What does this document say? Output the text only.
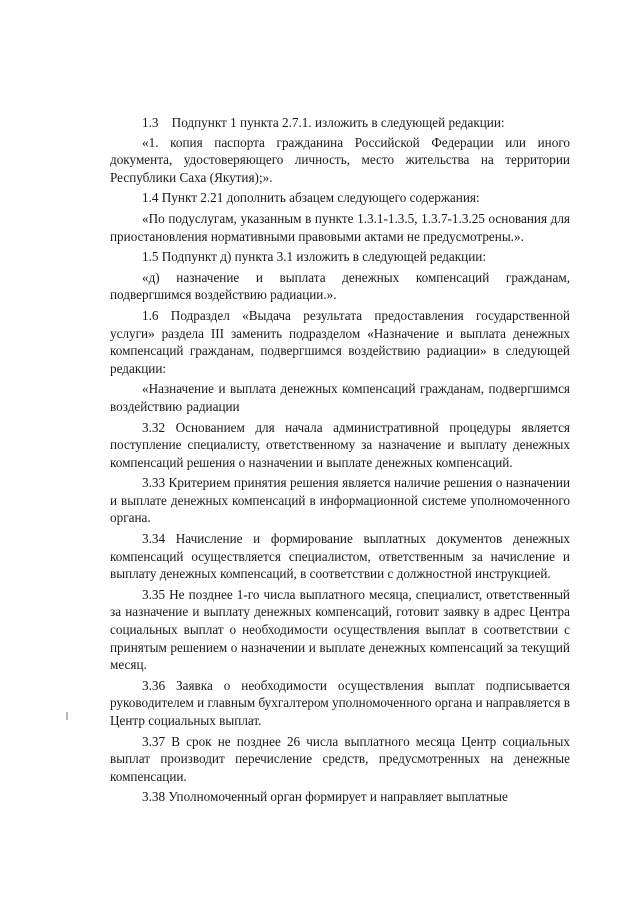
1.3    Подпункт 1 пункта 2.7.1. изложить в следующей редакции:

«1. копия паспорта гражданина Российской Федерации или иного документа, удостоверяющего личность, место жительства на территории Республики Саха (Якутия);».

1.4 Пункт 2.21 дополнить абзацем следующего содержания:

«По подуслугам, указанным в пункте 1.3.1-1.3.5, 1.3.7-1.3.25 основания для приостановления нормативными правовыми актами не предусмотрены.».

1.5 Подпункт д) пункта 3.1 изложить в следующей редакции:

«д) назначение и выплата денежных компенсаций гражданам, подвергшимся воздействию радиации.».

1.6 Подраздел «Выдача результата предоставления государственной услуги» раздела III заменить подразделом «Назначение и выплата денежных компенсаций гражданам, подвергшимся воздействию радиации» в следующей редакции:

«Назначение и выплата денежных компенсаций гражданам, подвергшимся воздействию радиации

3.32 Основанием для начала административной процедуры является поступление специалисту, ответственному за назначение и выплату денежных компенсаций решения о назначении и выплате денежных компенсаций.

3.33 Критерием принятия решения является наличие решения о назначении и выплате денежных компенсаций в информационной системе уполномоченного органа.

3.34 Начисление и формирование выплатных документов денежных компенсаций осуществляется специалистом, ответственным за начисление и выплату денежных компенсаций, в соответствии с должностной инструкцией.

3.35 Не позднее 1-го числа выплатного месяца, специалист, ответственный за назначение и выплату денежных компенсаций, готовит заявку в адрес Центра социальных выплат о необходимости осуществления выплат в соответствии с принятым решением о назначении и выплате денежных компенсаций за текущий месяц.

3.36 Заявка о необходимости осуществления выплат подписывается руководителем и главным бухгалтером уполномоченного органа и направляется в Центр социальных выплат.

3.37 В срок не позднее 26 числа выплатного месяца Центр социальных выплат производит перечисление средств, предусмотренных на денежные компенсации.

3.38 Уполномоченный орган формирует и направляет выплатные
